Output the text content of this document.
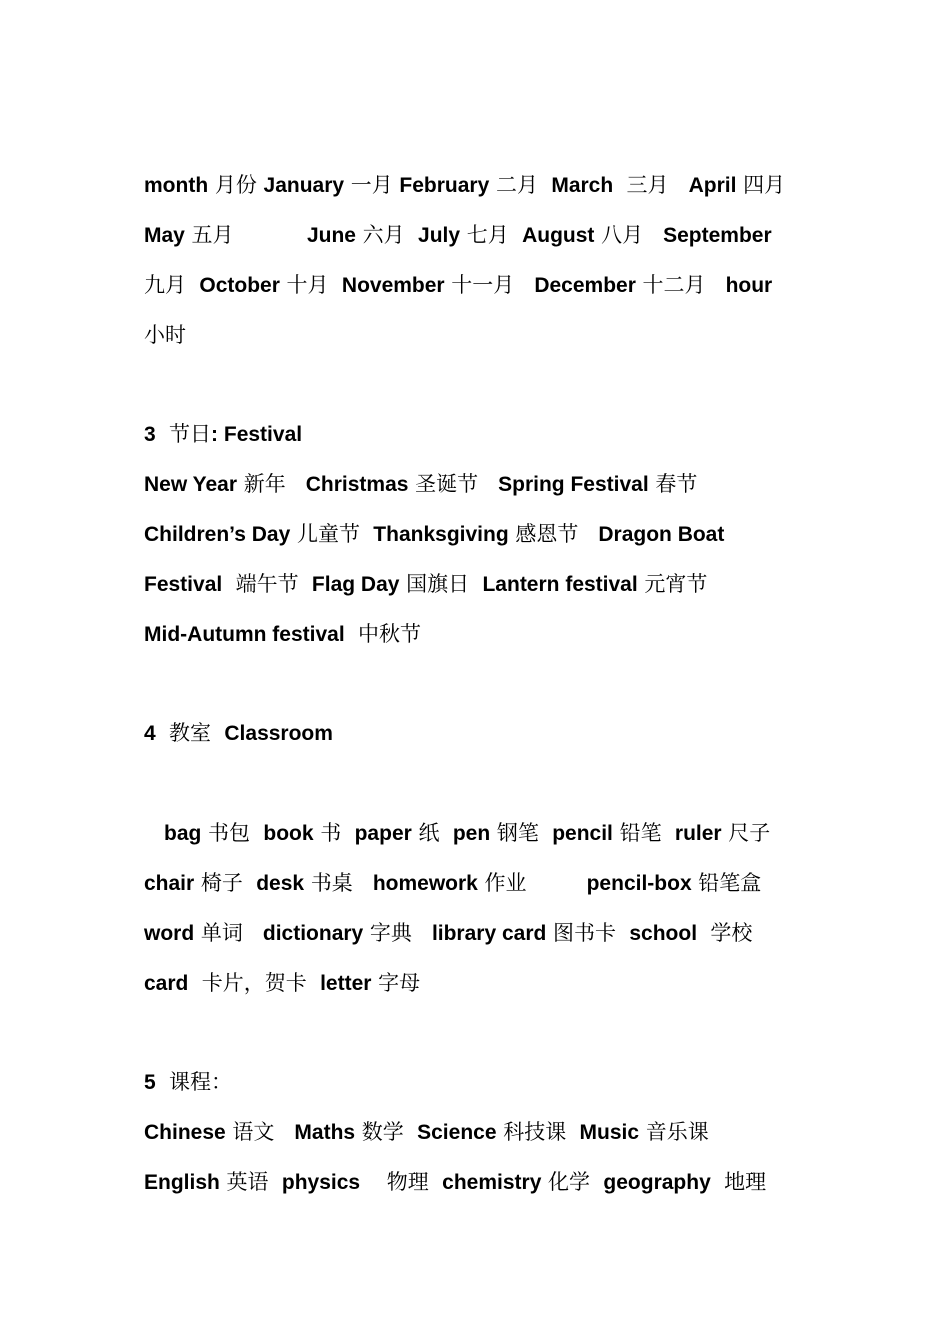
month 月份 January 一月 February 二月  March  三月   April 四月
May 五月           June 六月  July 七月  August 八月   September
九月  October 十月  November 十一月   December 十二月   hour
小时
3  节日: Festival
New Year 新年   Christmas 圣诞节   Spring Festival 春节
Children’s Day 儿童节  Thanksgiving 感恩节   Dragon Boat
Festival  端午节  Flag Day 国旗日  Lantern festival 元宵节
Mid-Autumn festival  中秋节
4  教室  Classroom
bag 书包  book 书  paper 纸  pen 钢笔  pencil 铅笔  ruler 尺子
chair 椅子  desk 书桌   homework 作业         pencil-box 铅笔盒
word 单词   dictionary 字典   library card 图书卡  school  学校
card  卡片，贺卡  letter 字母
5  课程：
Chinese 语文   Maths 数学  Science 科技课  Music 音乐课
English 英语  physics    物理  chemistry 化学  geography  地理
